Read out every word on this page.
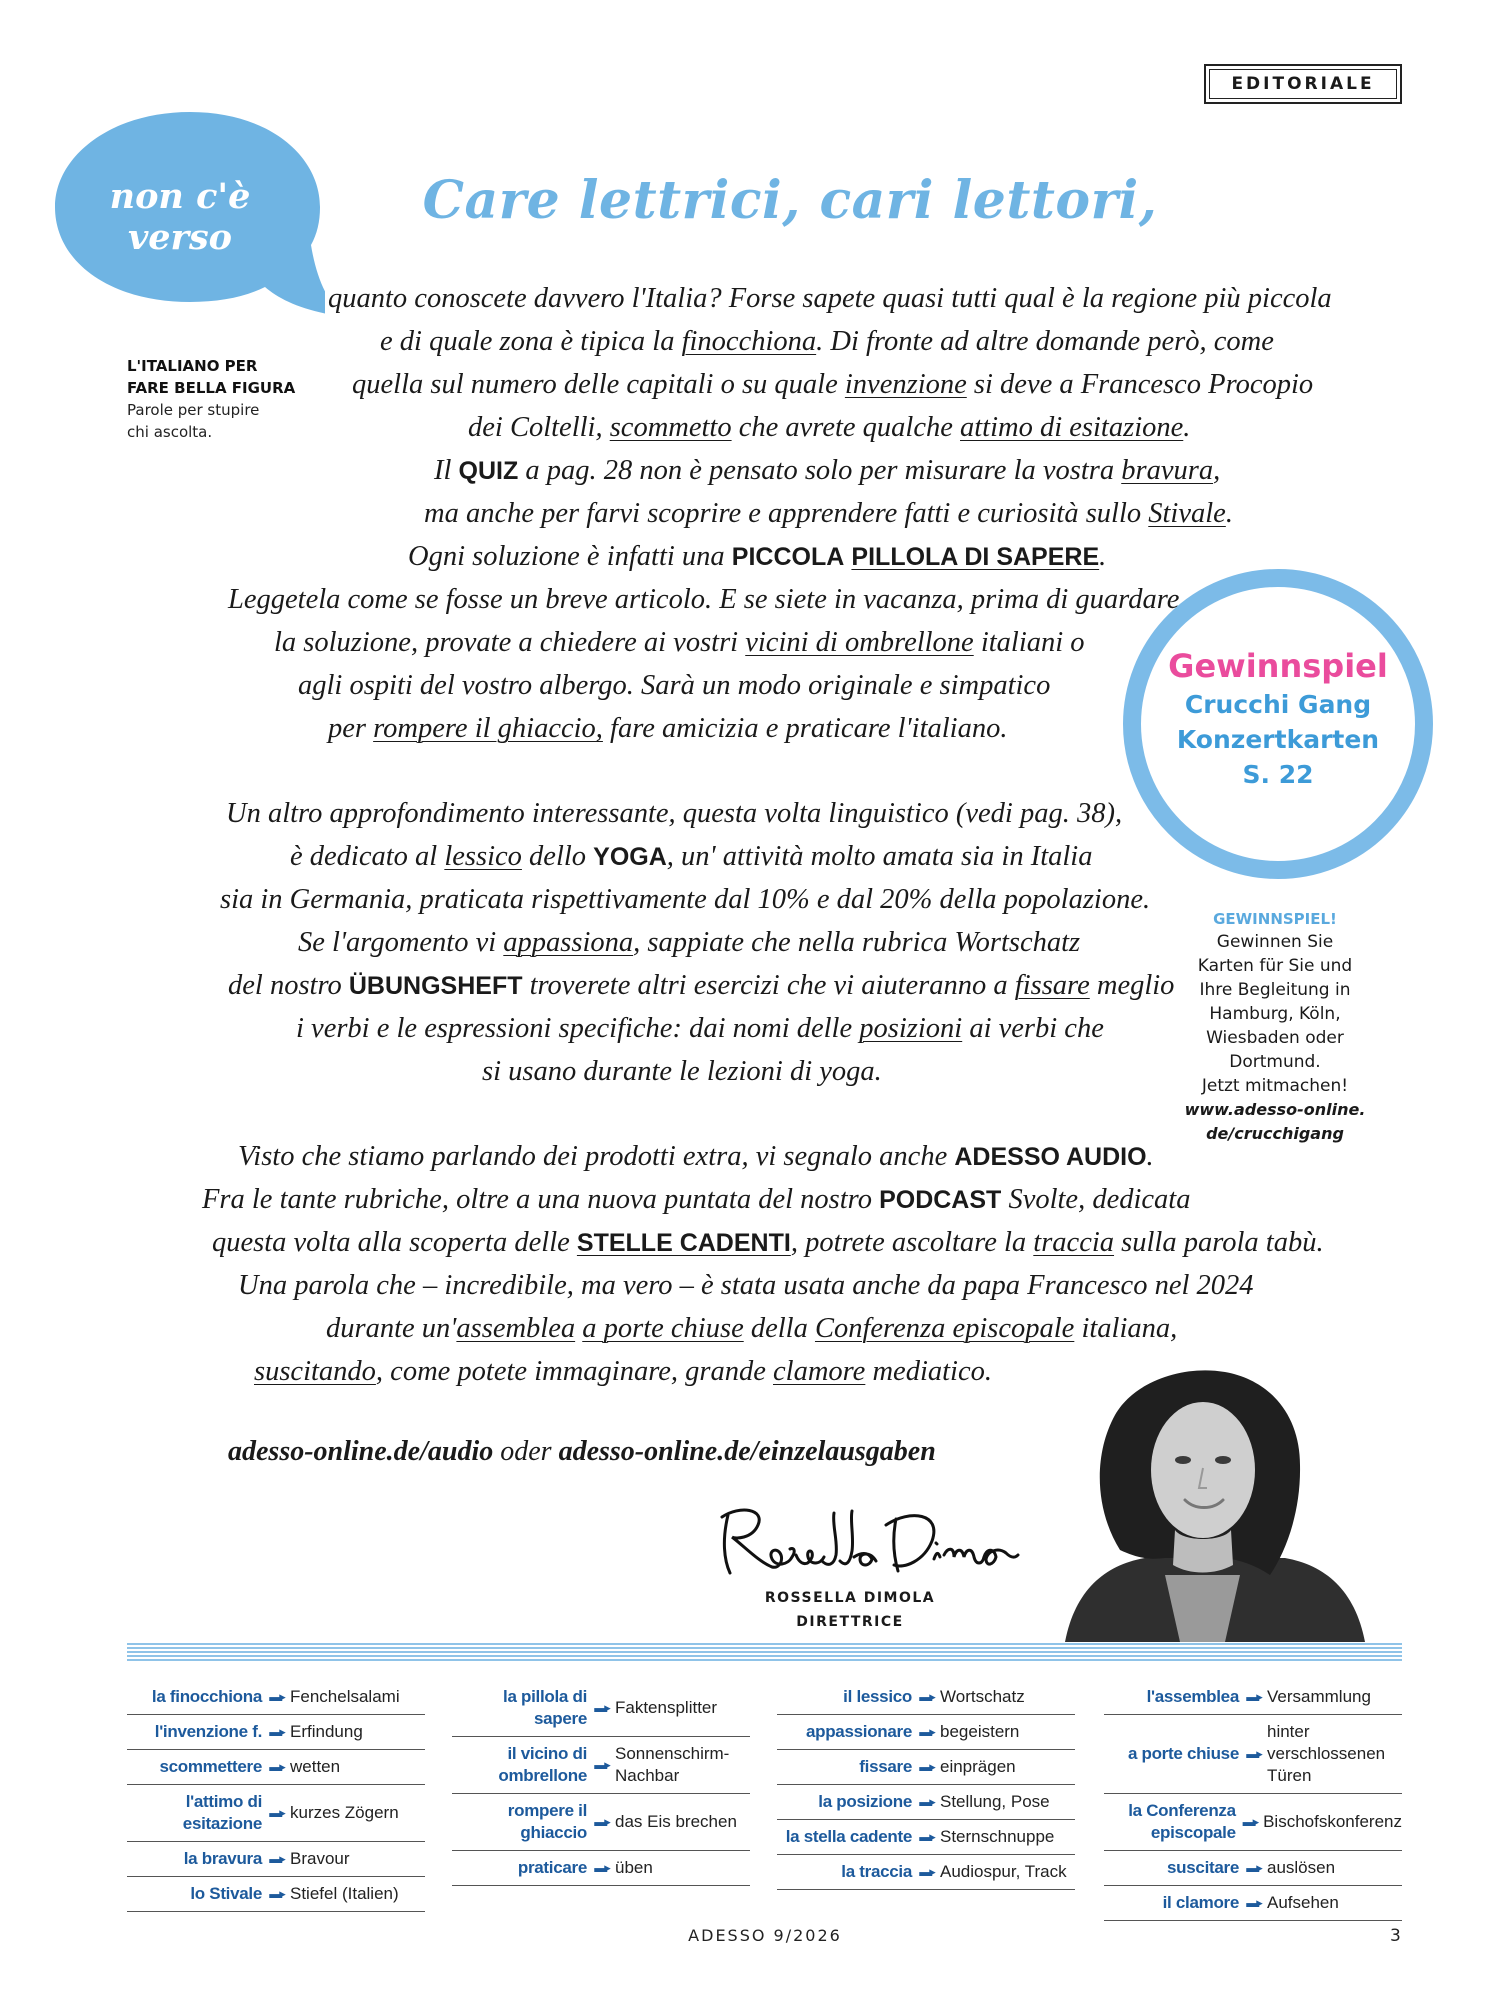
EDITORIALE
non c'è verso
L'ITALIANO PER
FARE BELLA FIGURA
Parole per stupire
chi ascolta.
Care lettrici, cari lettori,
quanto conoscete davvero l'Italia? Forse sapete quasi tutti qual è la regione più piccola
e di quale zona è tipica la finocchiona. Di fronte ad altre domande però, come
quella sul numero delle capitali o su quale invenzione si deve a Francesco Procopio
dei Coltelli, scommetto che avrete qualche attimo di esitazione.
Il QUIZ a pag. 28 non è pensato solo per misurare la vostra bravura,
ma anche per farvi scoprire e apprendere fatti e curiosità sullo Stivale.
Ogni soluzione è infatti una PICCOLA PILLOLA DI SAPERE.
Leggetela come se fosse un breve articolo. E se siete in vacanza, prima di guardare
la soluzione, provate a chiedere ai vostri vicini di ombrellone italiani o
agli ospiti del vostro albergo. Sarà un modo originale e simpatico
per rompere il ghiaccio, fare amicizia e praticare l'italiano.
Un altro approfondimento interessante, questa volta linguistico (vedi pag. 38),
è dedicato al lessico dello YOGA, un' attività molto amata sia in Italia
sia in Germania, praticata rispettivamente dal 10% e dal 20% della popolazione.
Se l'argomento vi appassiona, sappiate che nella rubrica Wortschatz
del nostro ÜBUNGSHEFT troverete altri esercizi che vi aiuteranno a fissare meglio
i verbi e le espressioni specifiche: dai nomi delle posizioni ai verbi che
si usano durante le lezioni di yoga.
Visto che stiamo parlando dei prodotti extra, vi segnalo anche ADESSO AUDIO.
Fra le tante rubriche, oltre a una nuova puntata del nostro PODCAST Svolte, dedicata
questa volta alla scoperta delle STELLE CADENTI, potrete ascoltare la traccia sulla parola tabù.
Una parola che – incredibile, ma vero – è stata usata anche da papa Francesco nel 2024
durante un'assemblea a porte chiuse della Conferenza episcopale italiana,
suscitando, come potete immaginare, grande clamore mediatico.
adesso-online.de/audio oder adesso-online.de/einzelausgaben
Gewinnspiel
Crucchi Gang
Konzertkarten
S. 22
GEWINNSPIEL!
Gewinnen Sie
Karten für Sie und
Ihre Begleitung in
Hamburg, Köln,
Wiesbaden oder
Dortmund.
Jetzt mitmachen!
www.adesso-online.
de/crucchigang
ROSSELLA DIMOLA
DIRETTRICE
la finocchiona ▬▸ Fenchelsalami
l'invenzione f. ▬▸ Erfindung
scommettere ▬▸ wetten
l'attimo di esitazione
▬▸ kurzes Zögern
la bravura ▬▸ Bravour
lo Stivale ▬▸ Stiefel (Italien)
la pillola di sapere
▬▸ Faktensplitter
il vicino di ombrellone
▬▸
Sonnenschirm-Nachbar
rompere il ghiaccio
▬▸ das Eis brechen
praticare ▬▸ üben
il lessico ▬▸ Wortschatz
appassionare ▬▸ begeistern
fissare ▬▸ einprägen
la posizione ▬▸ Stellung, Pose
la stella cadente ▬▸ Sternschnuppe
la traccia ▬▸ Audiospur, Track
l'assemblea ▬▸ Versammlung
a porte chiuse ▬▸
hinter verschlossenen Türen
la Conferenza episcopale
▬▸ Bischofskonferenz
suscitare ▬▸ auslösen
il clamore ▬▸ Aufsehen
ADESSO 9/2026	3
